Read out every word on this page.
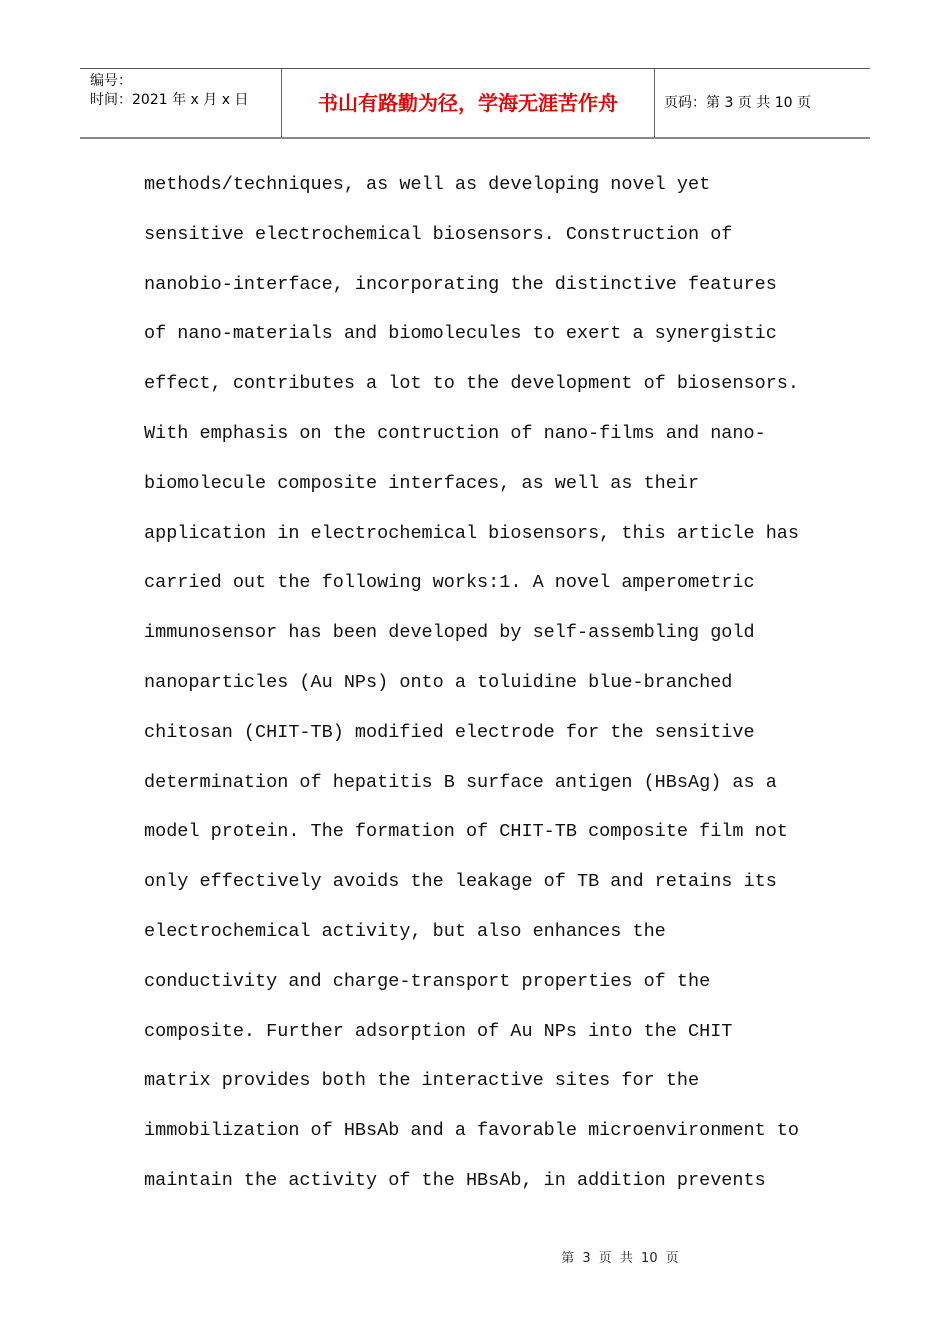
编号：
时间：2021 年 x 月 x 日	书山有路勤为径，学海无涯苦作舟	页码：第 3 页 共 10 页
methods/techniques, as well as developing novel yet
sensitive electrochemical biosensors. Construction of
nanobio-interface, incorporating the distinctive features
of nano-materials and biomolecules to exert a synergistic
effect, contributes a lot to the development of biosensors.
With emphasis on the contruction of nano-films and nano-
biomolecule composite interfaces, as well as their
application in electrochemical biosensors, this article has
carried out the following works:1. A novel amperometric
immunosensor has been developed by self-assembling gold
nanoparticles (Au NPs) onto a toluidine blue-branched
chitosan (CHIT-TB) modified electrode for the sensitive
determination of hepatitis B surface antigen (HBsAg) as a
model protein. The formation of CHIT-TB composite film not
only effectively avoids the leakage of TB and retains its
electrochemical activity, but also enhances the
conductivity and charge-transport properties of the
composite. Further adsorption of Au NPs into the CHIT
matrix provides both the interactive sites for the
immobilization of HBsAb and a favorable microenvironment to
maintain the activity of the HBsAb, in addition prevents
第 3 页 共 10 页
